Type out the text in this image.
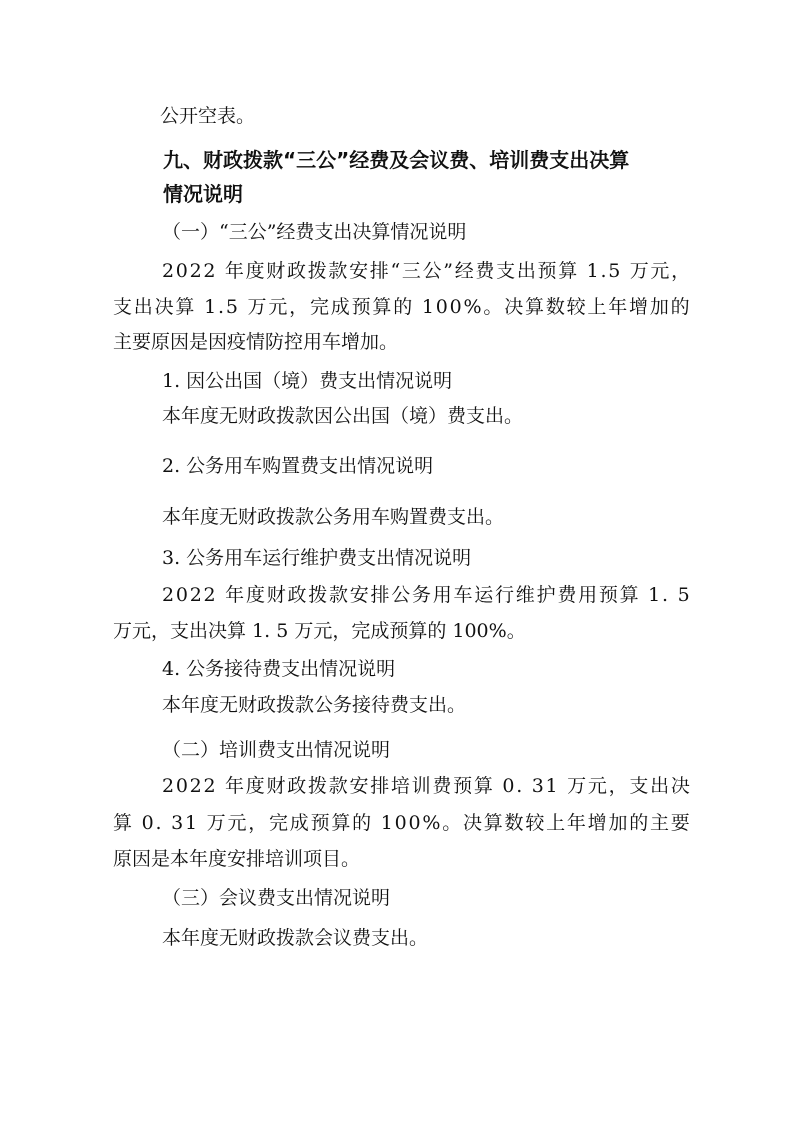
公开空表。
九、财政拨款“三公”经费及会议费、培训费支出决算
情况说明
（一）“三公”经费支出决算情况说明
2022 年度财政拨款安排“三公”经费支出预算 1.5 万元，
支出决算 1.5 万元，完成预算的 100%。决算数较上年增加的
主要原因是因疫情防控用车增加。
1. 因公出国（境）费支出情况说明
本年度无财政拨款因公出国（境）费支出。
2. 公务用车购置费支出情况说明
本年度无财政拨款公务用车购置费支出。
3. 公务用车运行维护费支出情况说明
2022 年度财政拨款安排公务用车运行维护费用预算 1. 5
万元，支出决算 1. 5 万元，完成预算的 100%。
4. 公务接待费支出情况说明
本年度无财政拨款公务接待费支出。
（二）培训费支出情况说明
2022 年度财政拨款安排培训费预算 0. 31 万元，支出决
算 0. 31 万元，完成预算的 100%。决算数较上年增加的主要
原因是本年度安排培训项目。
（三）会议费支出情况说明
本年度无财政拨款会议费支出。
